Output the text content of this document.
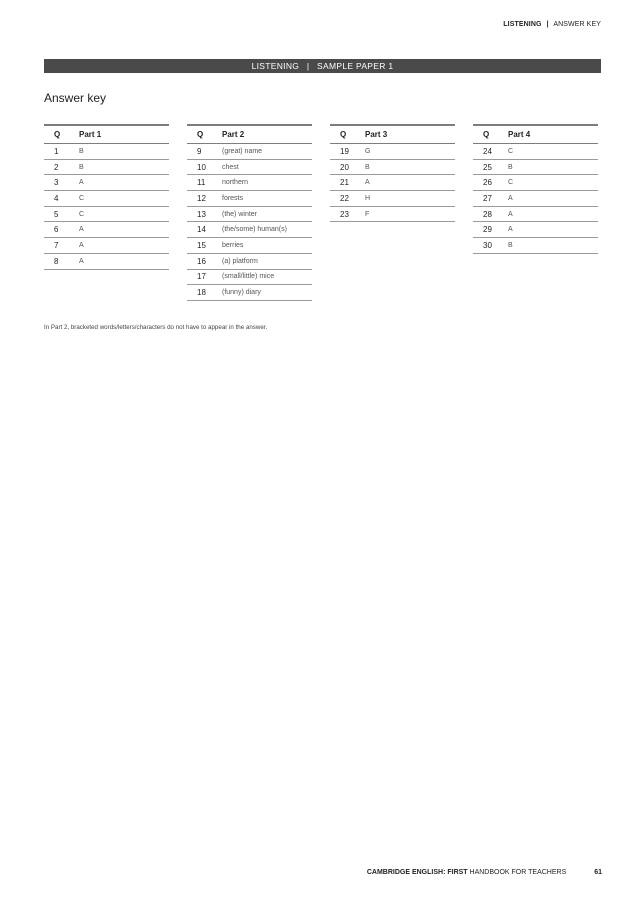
LISTENING | ANSWER KEY
LISTENING | SAMPLE PAPER 1
Answer key
Q	Part 1
1	B
2	B
3	A
4	C
5	C
6	A
7	A
8	A
Q	Part 2
9	(great) name
10	chest
11	northern
12	forests
13	(the) winter
14	(the/some) human(s)
15	berries
16	(a) platform
17	(small/little) mice
18	(funny) diary
Q	Part 3
19	G
20	B
21	A
22	H
23	F
Q	Part 4
24	C
25	B
26	C
27	A
28	A
29	A
30	B

In Part 2, bracketed words/letters/characters do not have to appear in the answer.

CAMBRIDGE ENGLISH: FIRST HANDBOOK FOR TEACHERS	61
